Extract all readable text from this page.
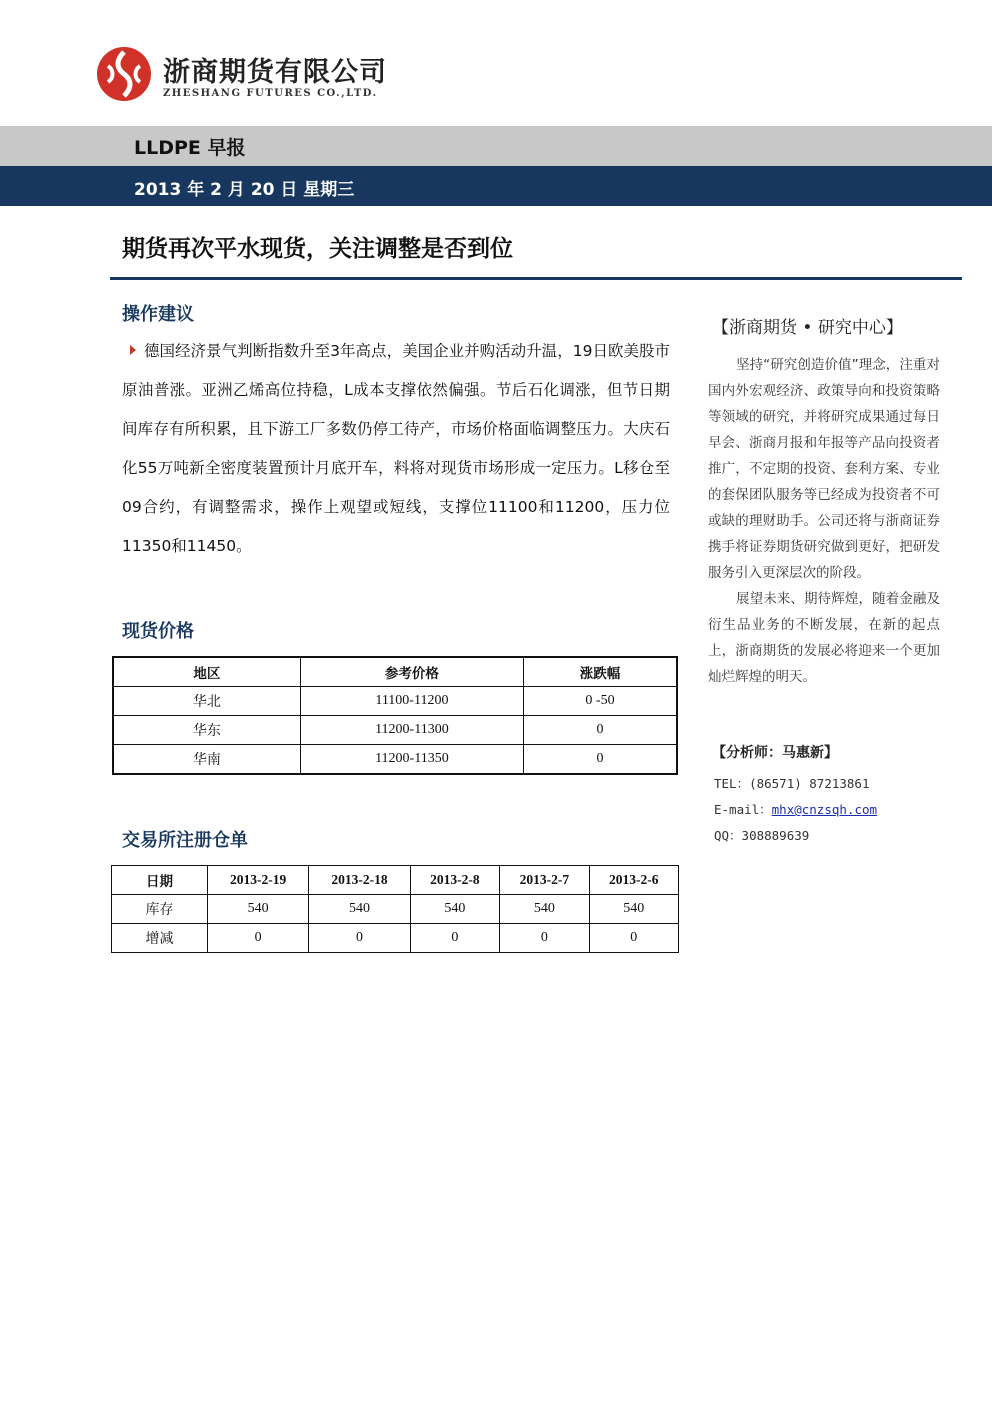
浙商期货有限公司
ZHESHANG FUTURES CO.,LTD.
LLDPE 早报
2013 年 2 月 20 日 星期三
期货再次平水现货，关注调整是否到位
操作建议

德国经济景气判断指数升至3年高点，美国企业并购活动升温，19日欧美股市原油普涨。亚洲乙烯高位持稳，L成本支撑依然偏强。节后石化调涨，但节日期间库存有所积累，且下游工厂多数仍停工待产，市场价格面临调整压力。大庆石化55万吨新全密度装置预计月底开车，料将对现货市场形成一定压力。L移仓至09合约，有调整需求，操作上观望或短线，支撑位11100和11200，压力位11350和11450。

现货价格
地区	参考价格	涨跌幅
华北	11100-11200	0 -50
华东	11200-11300	0
华南	11200-11350	0
交易所注册仓单
日期	2013-2-19	2013-2-18	2013-2-8	2013-2-7	2013-2-6
库存	540	540	540	540	540
增减	0	0	0	0	0
【浙商期货 • 研究中心】

坚持“研究创造价值”理念，注重对国内外宏观经济、政策导向和投资策略等领域的研究，并将研究成果通过每日早会、浙商月报和年报等产品向投资者推广，不定期的投资、套利方案、专业的套保团队服务等已经成为投资者不可或缺的理财助手。公司还将与浙商证券携手将证券期货研究做到更好，把研发服务引入更深层次的阶段。

展望未来、期待辉煌，随着金融及衍生品业务的不断发展，在新的起点上，浙商期货的发展必将迎来一个更加灿烂辉煌的明天。

【分析师：马惠新】
TEL：(86571) 87213861
E-mail：mhx@cnzsqh.com
QQ：308889639
